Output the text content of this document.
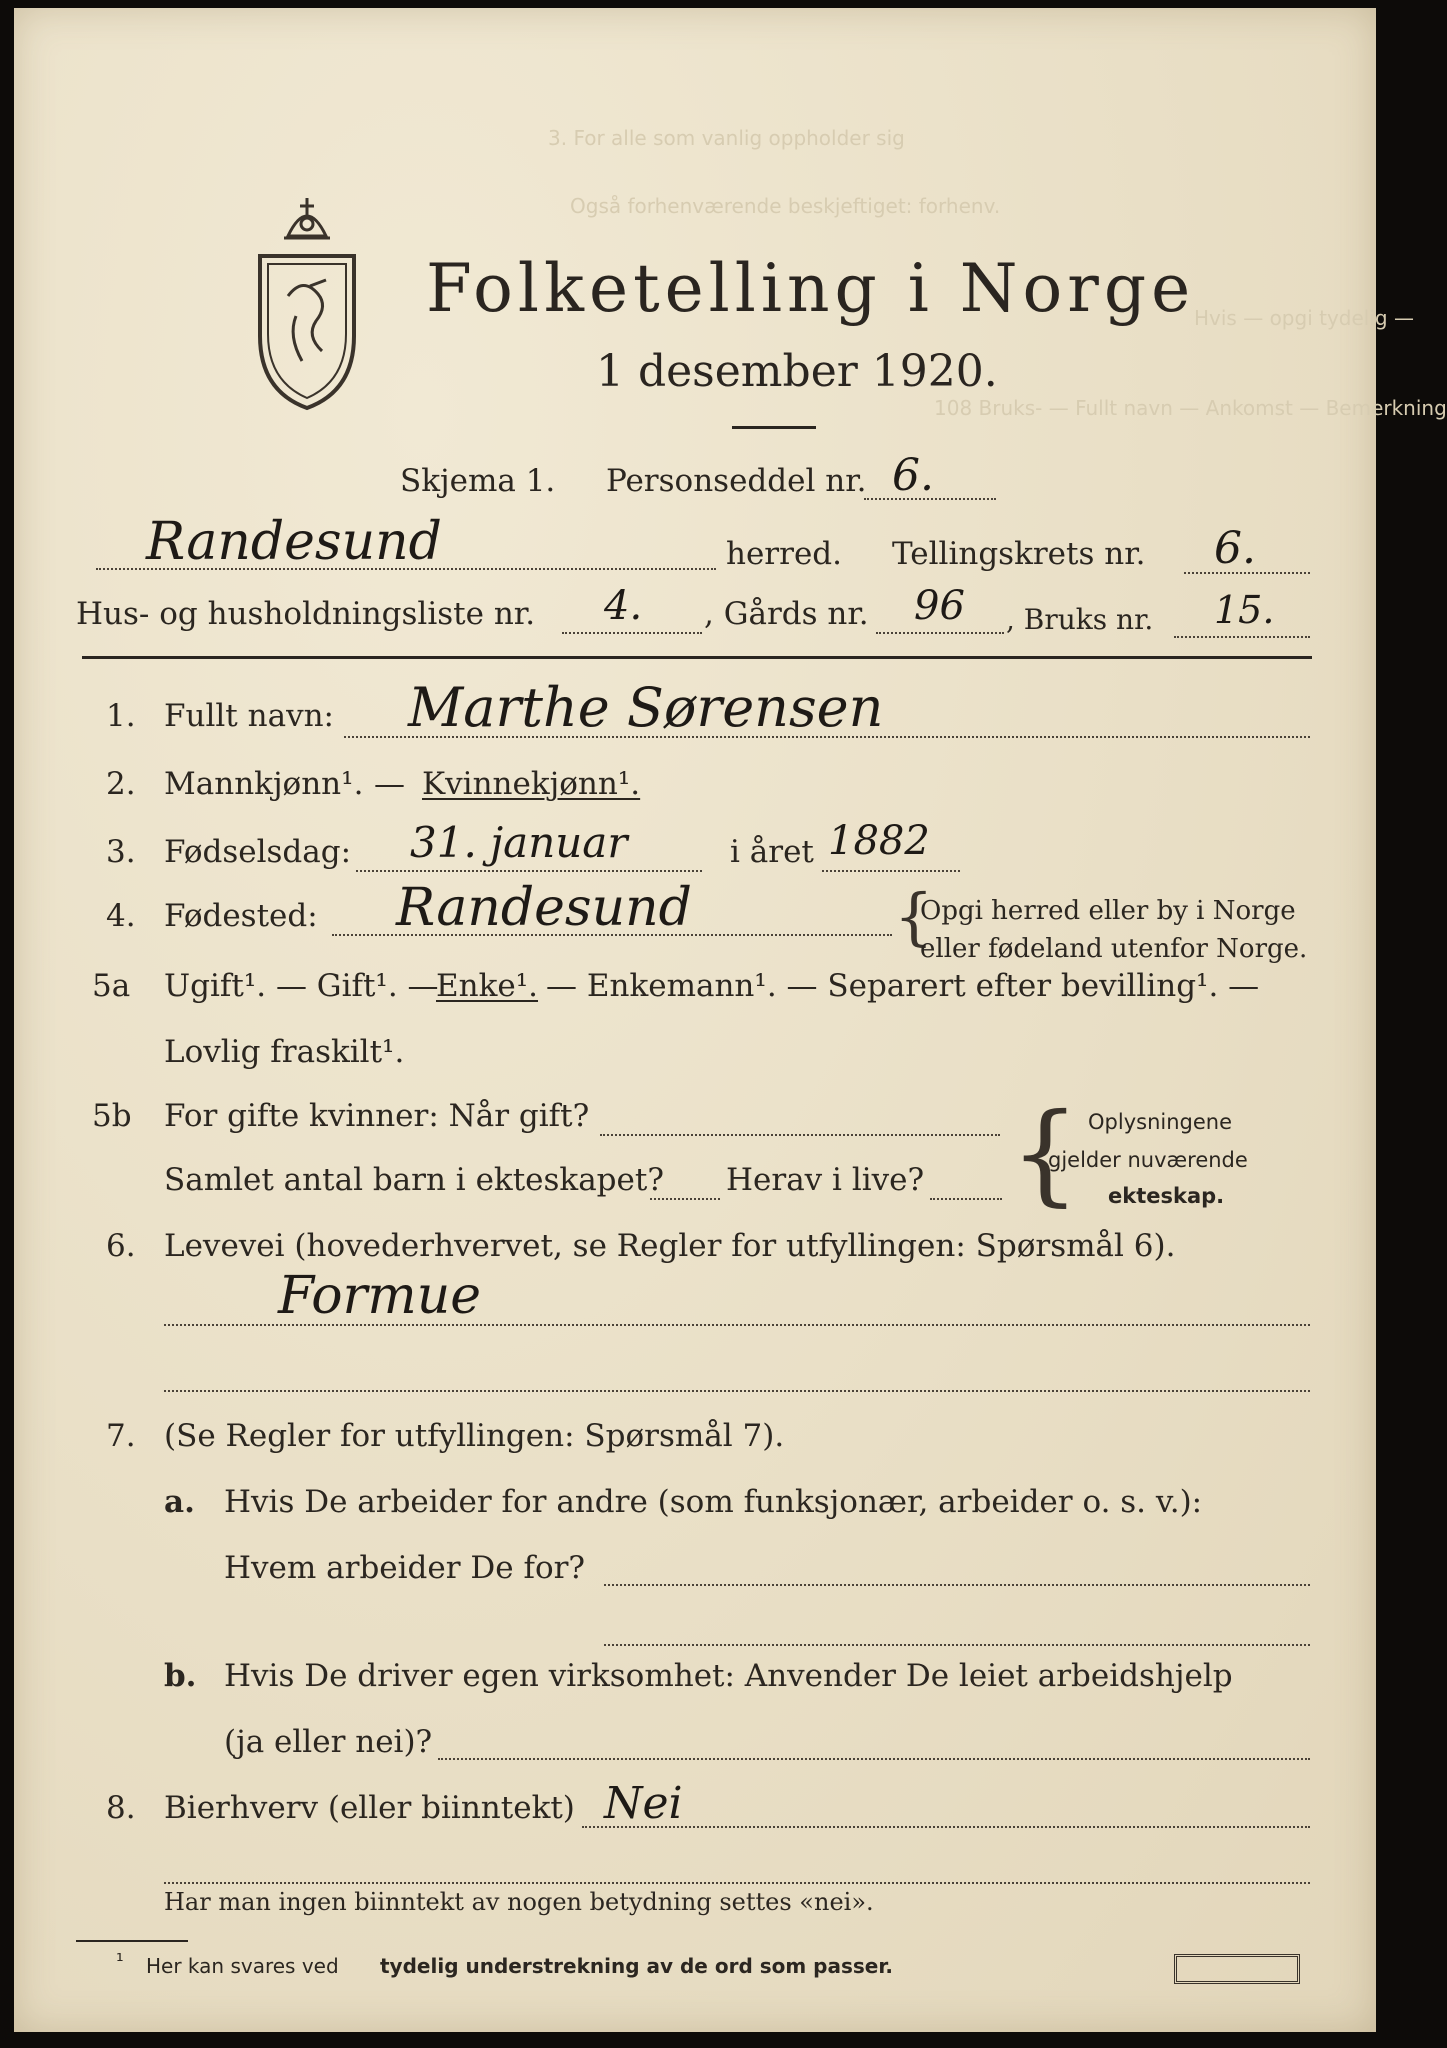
3. For alle som vanlig oppholder sig
Også forhenværende beskjeftiget: forhenv.
Hvis — opgi tydelig —
108 Bruks- — Fullt navn — Ankomst — Bemerkning
Folketelling i Norge
1 desember 1920.
Skjema 1. Personseddel nr. 6.
Randesund	herred. Tellingskrets nr. 6.
Hus- og husholdningsliste nr. 4. , Gårds nr. 96 , Bruks nr. 15.
1. Fullt navn: Marthe Sørensen
2. Mannkjønn¹. — Kvinnekjønn¹.
3. Fødselsdag: 31. januar	i året 1882
4. Fødested: Randesund	{
Opgi herred eller by i Norge
eller fødeland utenfor Norge.
5a Ugift¹. — Gift¹. —
Enke¹. — Enkemann¹. — Separert efter bevilling¹. —
Lovlig fraskilt¹.
5b For gifte kvinner: Når gift?
Samlet antal barn i ekteskapet? Herav i live? { Oplysningene
gjelder nuværende
ekteskap.
6. Levevei (hovederhvervet, se Regler for utfyllingen: Spørsmål 6).
Formue
7. (Se Regler for utfyllingen: Spørsmål 7).
a. Hvis De arbeider for andre (som funksjonær, arbeider o. s. v.):
Hvem arbeider De for?
b. Hvis De driver egen virksomhet: Anvender De leiet arbeidshjelp
(ja eller nei)?
8. Bierhverv (eller biinntekt) Nei
Har man ingen biinntekt av nogen betydning settes «nei».
¹ Her kan svares ved tydelig understrekning av de ord som passer.
